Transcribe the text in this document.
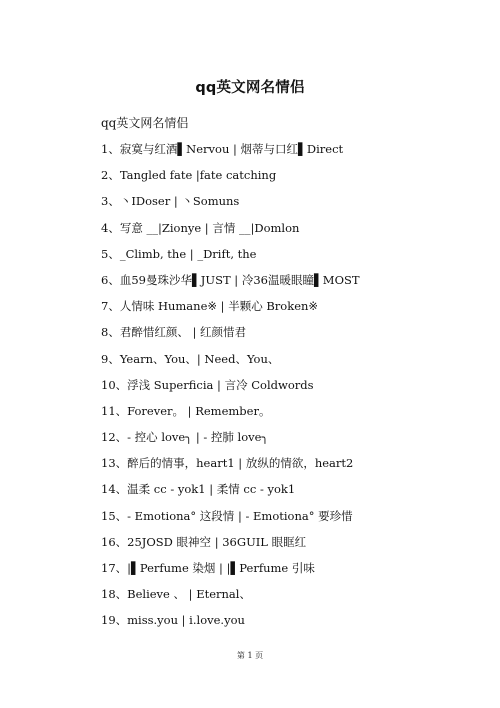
qq英文网名情侣
qq英文网名情侣
1、寂寞与红酒▌Nervou | 烟蒂与口红▌Direct
2、Tangled fate |fate catching
3、丶IDoser | 丶Somuns
4、写意 __|Zionye | 言情 __|Domlon
5、_Climb, the | _Drift, the
6、血59曼珠沙华▌JUST | 冷36温暖眼瞳▌MOST
7、人情味 Humane※ | 半颗心 Broken※
8、君醉惜红颜、 | 红颜惜君
9、Yearn、You、| Need、You、
10、浮浅 Superficia | 言冷 Coldwords
11、Forever。 | Remember。
12、- 控心 love╮ | - 控肺 love╮
13、醉后的情事，heart1 | 放纵的情欲，heart2
14、温柔 cc - yok1 | 柔情 cc - yok1
15、- Emotiona° 这段情 | - Emotiona° 要珍惜
16、25JOSD 眼神空 | 36GUIL 眼眶红
17、|▌Perfume 染烟 | |▌Perfume 引味
18、Believe 、 | Eternal、
19、miss.you | i.love.you
第 1 页
